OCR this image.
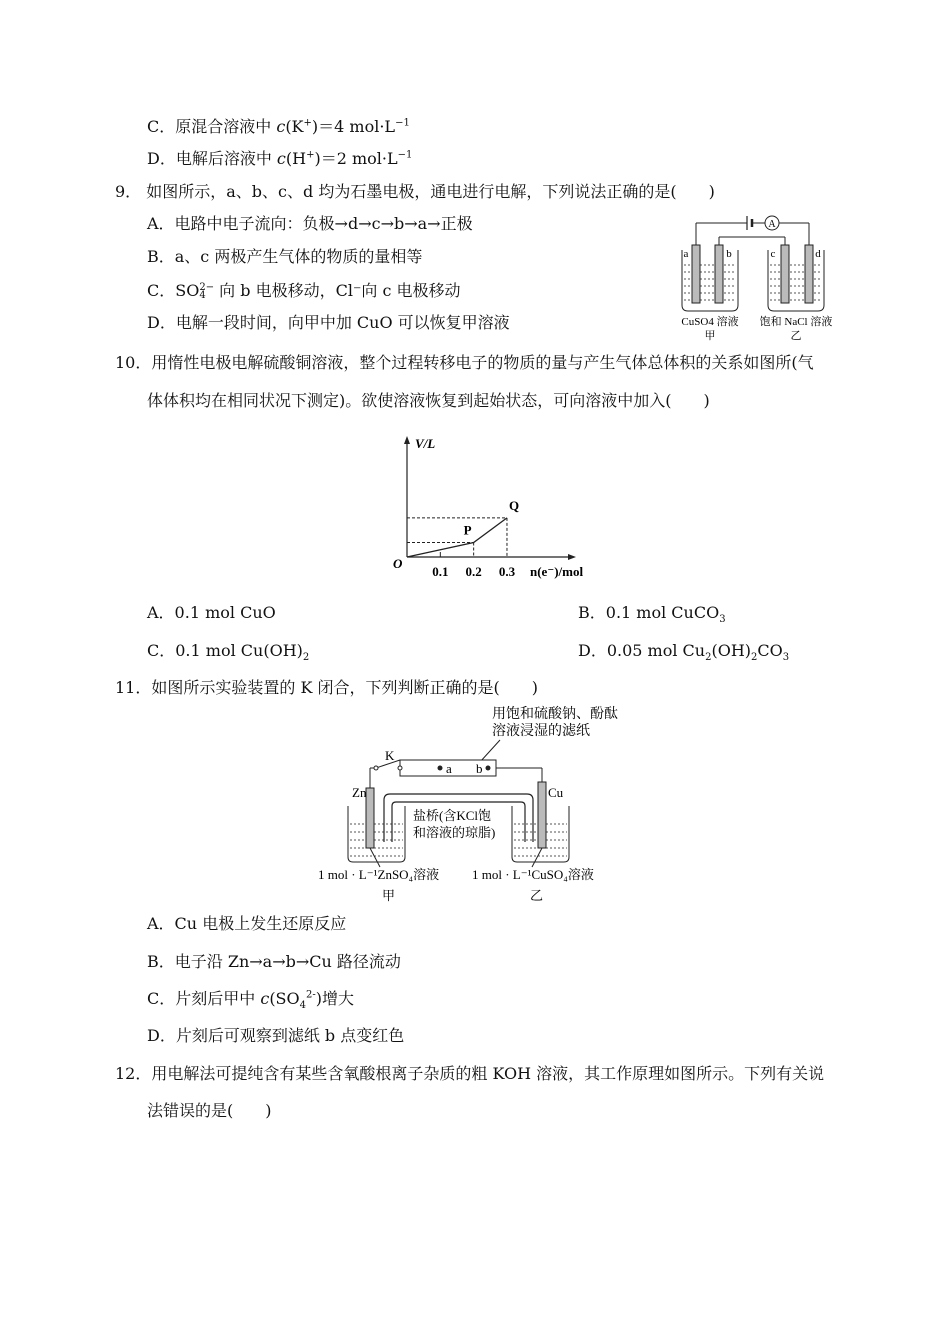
C．原混合溶液中 c(K+)＝4 $mol\cdot L^{-1}$
D．电解后溶液中 c(H+)＝2 $mol\cdot L^{-1}$
9． 如图所示，a、b、c、d 均为石墨电极，通电进行电解，下列说法正确的是(　　)
A．电路中电子流向：负极→d→c→b→a→正极
B．a、c 两极产生气体的物质的量相等
C．SO 2−
4 向 b 电极移动，Cl⁻向 c 电极移动
D．电解一段时间，向甲中加 CuO 可以恢复甲溶液
A
a	b	c	d
CuSO4 溶液
甲
饱和 NaCl 溶液
乙
10．用惰性电极电解硫酸铜溶液，整个过程转移电子的物质的量与产生气体总体积的关系如图所(气
体体积均在相同状况下测定)。欲使溶液恢复到起始状态，可向溶液中加入(　　)
V/L
O
n(e⁻)/mol
0.1 0.2 0.3
P
Q
A．0.1 mol CuO	B．0.1 mol CuCO$_3$
C．0.1 mol $Cu(OH)_2$	D．0.05 mol $Cu_2(OH)_2CO_3$
11．如图所示实验装置的 K 闭合，下列判断正确的是(　　)
用饱和硫酸钠、酚酞
溶液浸湿的滤纸
a b
K
Zn	Cu
盐桥(含KCl饱
和溶液的琼脂)
1 mol · L⁻¹ZnSO₄溶液
甲
1 mol · L⁻¹CuSO₄溶液
乙
A．Cu 电极上发生还原反应
B．电子沿 Zn→a→b→Cu 路径流动
C．片刻后甲中 $c(SO_4^{2-})$增大
D．片刻后可观察到滤纸 b 点变红色
12．用电解法可提纯含有某些含氧酸根离子杂质的粗 KOH 溶液，其工作原理如图所示。下列有关说
法错误的是(　　)
